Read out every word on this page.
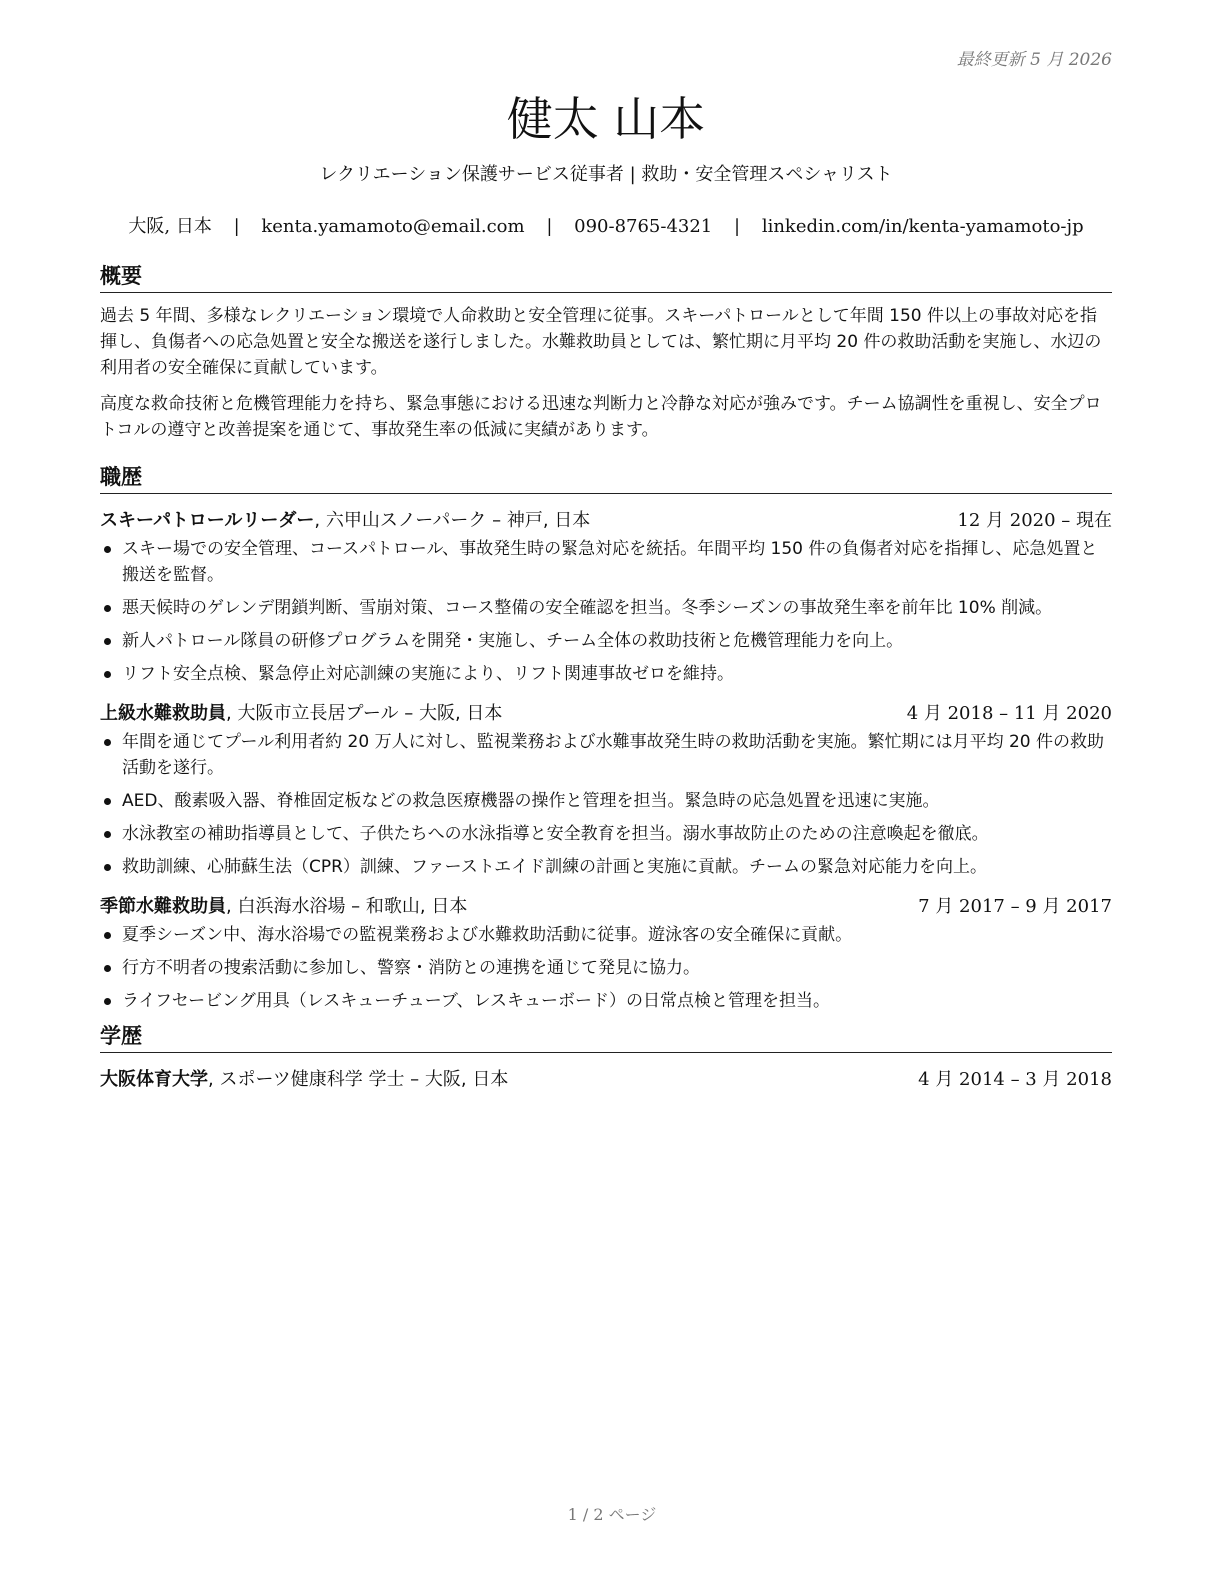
最終更新 5 月 2026
健太 山本
レクリエーション保護サービス従事者 | 救助・安全管理スペシャリスト
大阪, 日本 | kenta.yamamoto@email.com | 090-8765-4321 | linkedin.com/in/kenta-yamamoto-jp
概要

過去 5 年間、多様なレクリエーション環境で人命救助と安全管理に従事。スキーパトロールとして年間 150 件以上の事故対応を指揮し、負傷者への応急処置と安全な搬送を遂行しました。水難救助員としては、繁忙期に月平均 20 件の救助活動を実施し、水辺の利用者の安全確保に貢献しています。

高度な救命技術と危機管理能力を持ち、緊急事態における迅速な判断力と冷静な対応が強みです。チーム協調性を重視し、安全プロトコルの遵守と改善提案を通じて、事故発生率の低減に実績があります。

職歴
スキーパトロールリーダー, 六甲山スノーパーク – 神戸, 日本	12 月 2020 – 現在
スキー場での安全管理、コースパトロール、事故発生時の緊急対応を統括。年間平均 150 件の負傷者対応を指揮し、応急処置と搬送を監督。
悪天候時のゲレンデ閉鎖判断、雪崩対策、コース整備の安全確認を担当。冬季シーズンの事故発生率を前年比 10% 削減。
新人パトロール隊員の研修プログラムを開発・実施し、チーム全体の救助技術と危機管理能力を向上。
リフト安全点検、緊急停止対応訓練の実施により、リフト関連事故ゼロを維持。
上級水難救助員, 大阪市立長居プール – 大阪, 日本	4 月 2018 – 11 月 2020
年間を通じてプール利用者約 20 万人に対し、監視業務および水難事故発生時の救助活動を実施。繁忙期には月平均 20 件の救助活動を遂行。
AED、酸素吸入器、脊椎固定板などの救急医療機器の操作と管理を担当。緊急時の応急処置を迅速に実施。
水泳教室の補助指導員として、子供たちへの水泳指導と安全教育を担当。溺水事故防止のための注意喚起を徹底。
救助訓練、心肺蘇生法（CPR）訓練、ファーストエイド訓練の計画と実施に貢献。チームの緊急対応能力を向上。
季節水難救助員, 白浜海水浴場 – 和歌山, 日本	7 月 2017 – 9 月 2017
夏季シーズン中、海水浴場での監視業務および水難救助活動に従事。遊泳客の安全確保に貢献。
行方不明者の捜索活動に参加し、警察・消防との連携を通じて発見に協力。
ライフセービング用具（レスキューチューブ、レスキューボード）の日常点検と管理を担当。
学歴
大阪体育大学, スポーツ健康科学 学士 – 大阪, 日本	4 月 2014 – 3 月 2018
1 / 2 ページ
